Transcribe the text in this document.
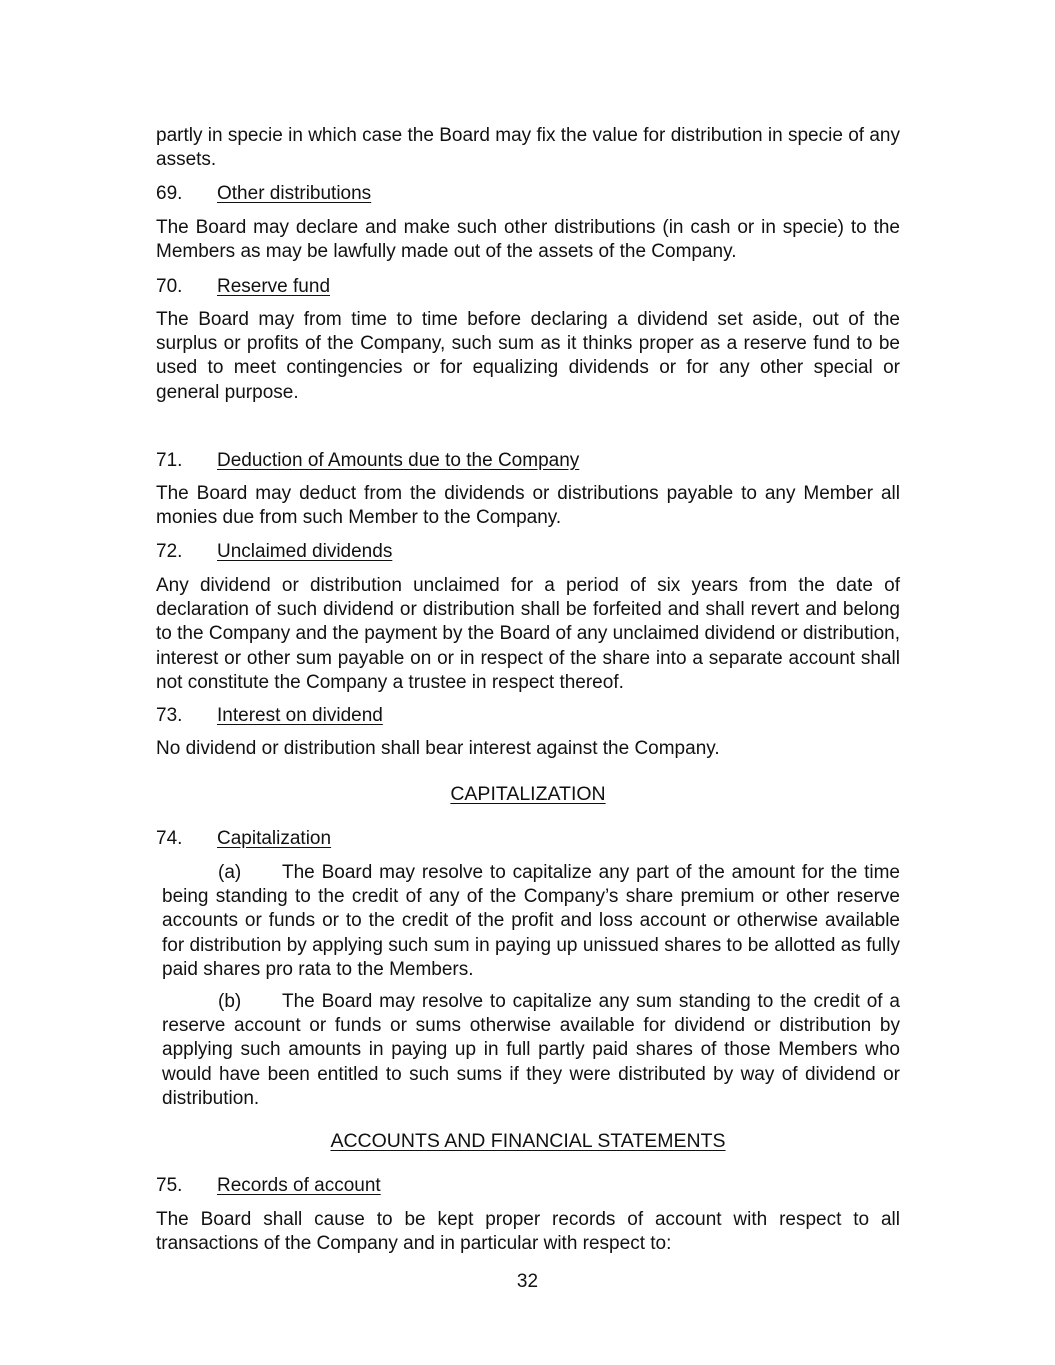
partly in specie in which case the Board may fix the value for distribution in specie of any assets.

69. Other distributions

The Board may declare and make such other distributions (in cash or in specie) to the Members as may be lawfully made out of the assets of the Company.

70. Reserve fund

The Board may from time to time before declaring a dividend set aside, out of the surplus or profits of the Company, such sum as it thinks proper as a reserve fund to be used to meet contingencies or for equalizing dividends or for any other special or general purpose.

71. Deduction of Amounts due to the Company

The Board may deduct from the dividends or distributions payable to any Member all monies due from such Member to the Company.

72. Unclaimed dividends

Any dividend or distribution unclaimed for a period of six years from the date of declaration of such dividend or distribution shall be forfeited and shall revert and belong to the Company and the payment by the Board of any unclaimed dividend or distribution, interest or other sum payable on or in respect of the share into a separate account shall not constitute the Company a trustee in respect thereof.

73. Interest on dividend

No dividend or distribution shall bear interest against the Company.

CAPITALIZATION
74. Capitalization

(a) The Board may resolve to capitalize any part of the amount for the time being standing to the credit of any of the Company’s share premium or other reserve accounts or funds or to the credit of the profit and loss account or otherwise available for distribution by applying such sum in paying up unissued shares to be allotted as fully paid shares pro rata to the Members.

(b) The Board may resolve to capitalize any sum standing to the credit of a reserve account or funds or sums otherwise available for dividend or distribution by applying such amounts in paying up in full partly paid shares of those Members who would have been entitled to such sums if they were distributed by way of dividend or distribution.

ACCOUNTS AND FINANCIAL STATEMENTS
75. Records of account

The Board shall cause to be kept proper records of account with respect to all transactions of the Company and in particular with respect to:

32
